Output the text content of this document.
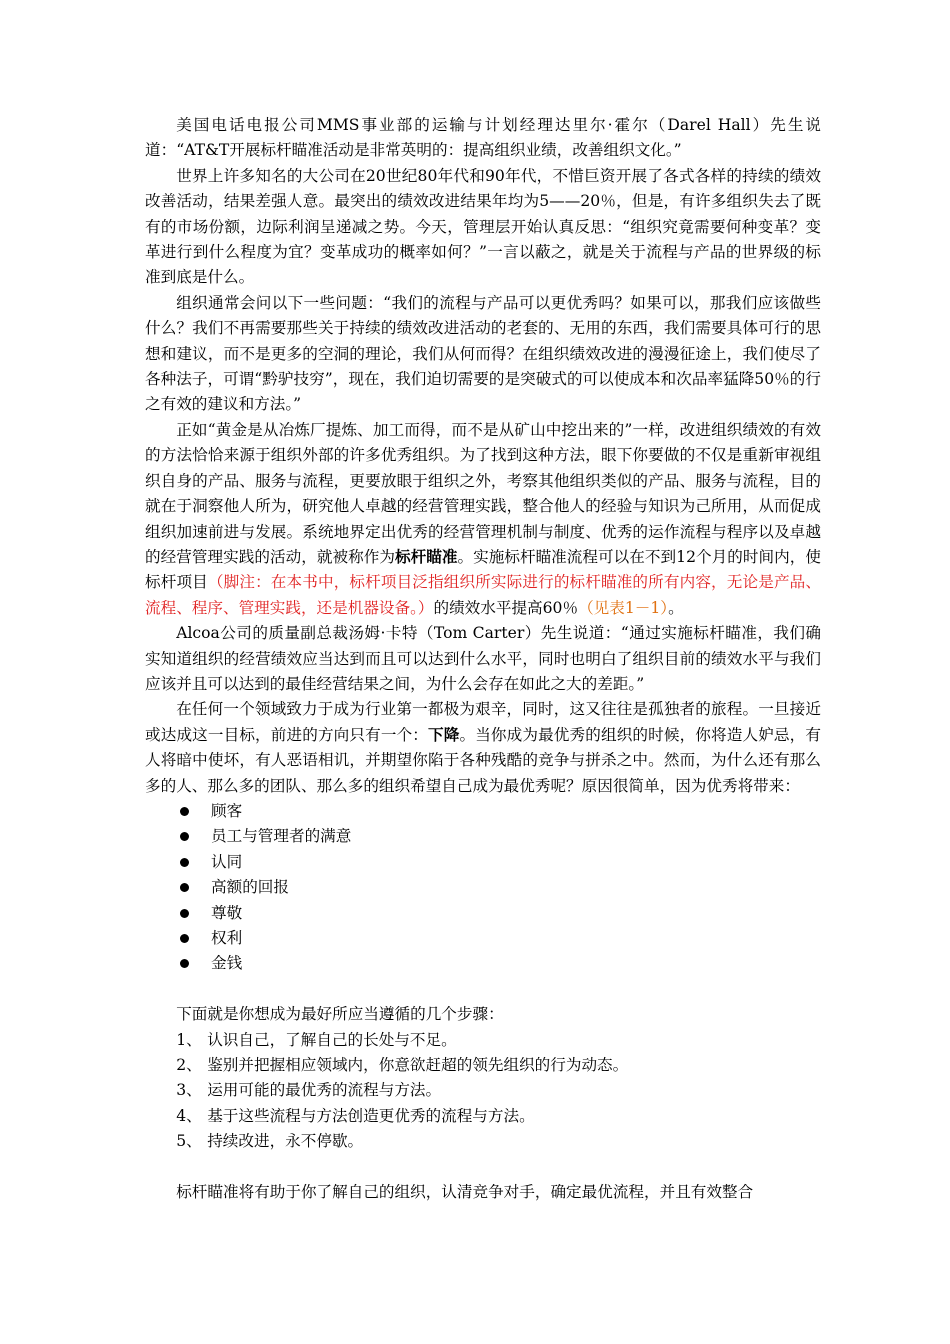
美国电话电报公司MMS事业部的运输与计划经理达里尔·霍尔（Darel Hall）先生说道：“AT&T开展标杆瞄准活动是非常英明的：提高组织业绩，改善组织文化。”

世界上许多知名的大公司在20世纪80年代和90年代，不惜巨资开展了各式各样的持续的绩效改善活动，结果差强人意。最突出的绩效改进结果年均为5——20％，但是，有许多组织失去了既有的市场份额，边际利润呈递减之势。今天，管理层开始认真反思：“组织究竟需要何种变革？变革进行到什么程度为宜？变革成功的概率如何？”一言以蔽之，就是关于流程与产品的世界级的标准到底是什么。

组织通常会问以下一些问题：“我们的流程与产品可以更优秀吗？如果可以，那我们应该做些什么？我们不再需要那些关于持续的绩效改进活动的老套的、无用的东西，我们需要具体可行的思想和建议，而不是更多的空洞的理论，我们从何而得？在组织绩效改进的漫漫征途上，我们使尽了各种法子，可谓“黔驴技穷”，现在，我们迫切需要的是突破式的可以使成本和次品率猛降50％的行之有效的建议和方法。”

正如“黄金是从冶炼厂提炼、加工而得，而不是从矿山中挖出来的”一样，改进组织绩效的有效的方法恰恰来源于组织外部的许多优秀组织。为了找到这种方法，眼下你要做的不仅是重新审视组织自身的产品、服务与流程，更要放眼于组织之外，考察其他组织类似的产品、服务与流程，目的就在于洞察他人所为，研究他人卓越的经营管理实践，整合他人的经验与知识为己所用，从而促成组织加速前进与发展。系统地界定出优秀的经营管理机制与制度、优秀的运作流程与程序以及卓越的经营管理实践的活动，就被称作为标杆瞄准。实施标杆瞄准流程可以在不到12个月的时间内，使标杆项目（脚注：在本书中，标杆项目泛指组织所实际进行的标杆瞄准的所有内容，无论是产品、流程、程序、管理实践，还是机器设备。）的绩效水平提高60％（见表1－1）。

Alcoa公司的质量副总裁汤姆·卡特（Tom Carter）先生说道：“通过实施标杆瞄准，我们确实知道组织的经营绩效应当达到而且可以达到什么水平，同时也明白了组织目前的绩效水平与我们应该并且可以达到的最佳经营结果之间，为什么会存在如此之大的差距。”

在任何一个领域致力于成为行业第一都极为艰辛，同时，这又往往是孤独者的旅程。一旦接近或达成这一目标，前进的方向只有一个：下降。当你成为最优秀的组织的时候，你将造人妒忌，有人将暗中使坏，有人恶语相讥，并期望你陷于各种残酷的竞争与拼杀之中。然而，为什么还有那么多的人、那么多的团队、那么多的组织希望自己成为最优秀呢？原因很简单，因为优秀将带来：

顾客
员工与管理者的满意
认同
高额的回报
尊敬
权利
金钱

下面就是你想成为最好所应当遵循的几个步骤：

1、 认识自己，了解自己的长处与不足。
2、 鉴别并把握相应领域内，你意欲赶超的领先组织的行为动态。
3、 运用可能的最优秀的流程与方法。
4、 基于这些流程与方法创造更优秀的流程与方法。
5、 持续改进，永不停歇。

标杆瞄准将有助于你了解自己的组织，认清竞争对手，确定最优流程，并且有效整合
